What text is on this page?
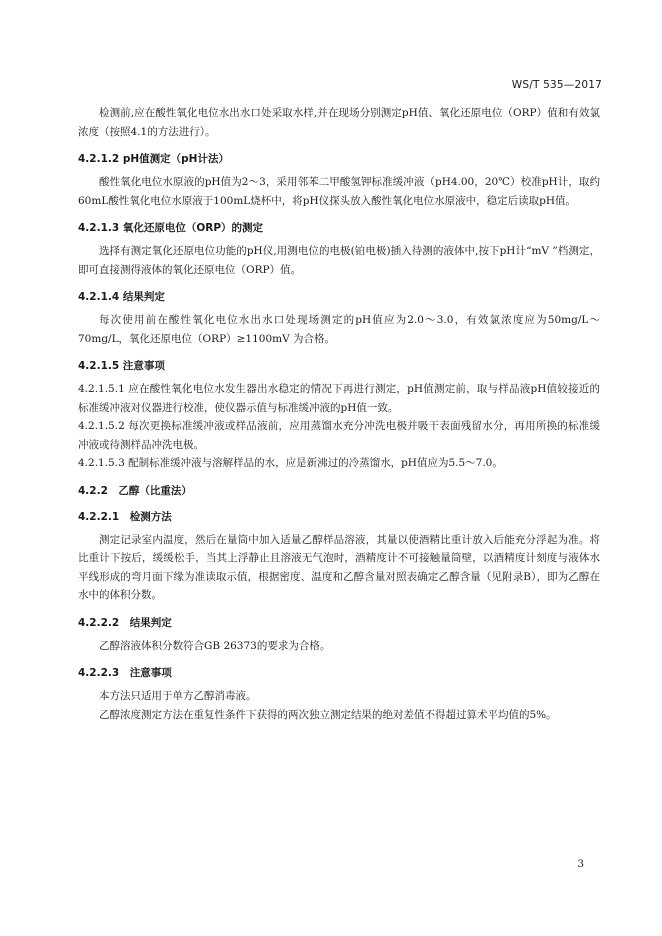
WS/T 535—2017

检测前,应在酸性氧化电位水出水口处采取水样,并在现场分别测定pH值、氧化还原电位（ORP）值和有效氯浓度（按照4.1的方法进行）。

4.2.1.2 pH值测定（pH计法）

酸性氧化电位水原液的pH值为2～3，采用邻苯二甲酸氢钾标准缓冲液（pH4.00，20℃）校准pH计，取约60mL酸性氧化电位水原液于100mL烧杯中，将pH仪探头放入酸性氧化电位水原液中，稳定后读取pH值。

4.2.1.3 氧化还原电位（ORP）的测定

选择有测定氧化还原电位功能的pH仪,用测电位的电极(铂电极)插入待测的液体中,按下pH计“mV ”档测定，即可直接测得液体的氧化还原电位（ORP）值。

4.2.1.4 结果判定

每次使用前在酸性氧化电位水出水口处现场测定的pH值应为2.0～3.0，有效氯浓度应为50mg/L～70mg/L，氧化还原电位（ORP）≥1100mV 为合格。

4.2.1.5 注意事项

4.2.1.5.1 应在酸性氧化电位水发生器出水稳定的情况下再进行测定，pH值测定前，取与样品液pH值较接近的标准缓冲液对仪器进行校准，使仪器示值与标准缓冲液的pH值一致。

4.2.1.5.2 每次更换标准缓冲液或样品液前，应用蒸馏水充分冲洗电极并吸干表面残留水分，再用所换的标准缓冲液或待测样品冲洗电极。

4.2.1.5.3 配制标准缓冲液与溶解样品的水，应是新沸过的冷蒸馏水，pH值应为5.5～7.0。

4.2.2　乙醇（比重法）
4.2.2.1　检测方法

测定记录室内温度，然后在量筒中加入适量乙醇样品溶液，其量以使酒精比重计放入后能充分浮起为准。将比重计下按后，缓缓松手，当其上浮静止且溶液无气泡时，酒精度计不可接触量筒壁，以酒精度计刻度与液体水平线形成的弯月面下缘为准读取示值，根据密度、温度和乙醇含量对照表确定乙醇含量（见附录B），即为乙醇在水中的体积分数。

4.2.2.2　结果判定

乙醇溶液体积分数符合GB 26373的要求为合格。

4.2.2.3　注意事项

本方法只适用于单方乙醇消毒液。

乙醇浓度测定方法在重复性条件下获得的两次独立测定结果的绝对差值不得超过算术平均值的5%。

3
